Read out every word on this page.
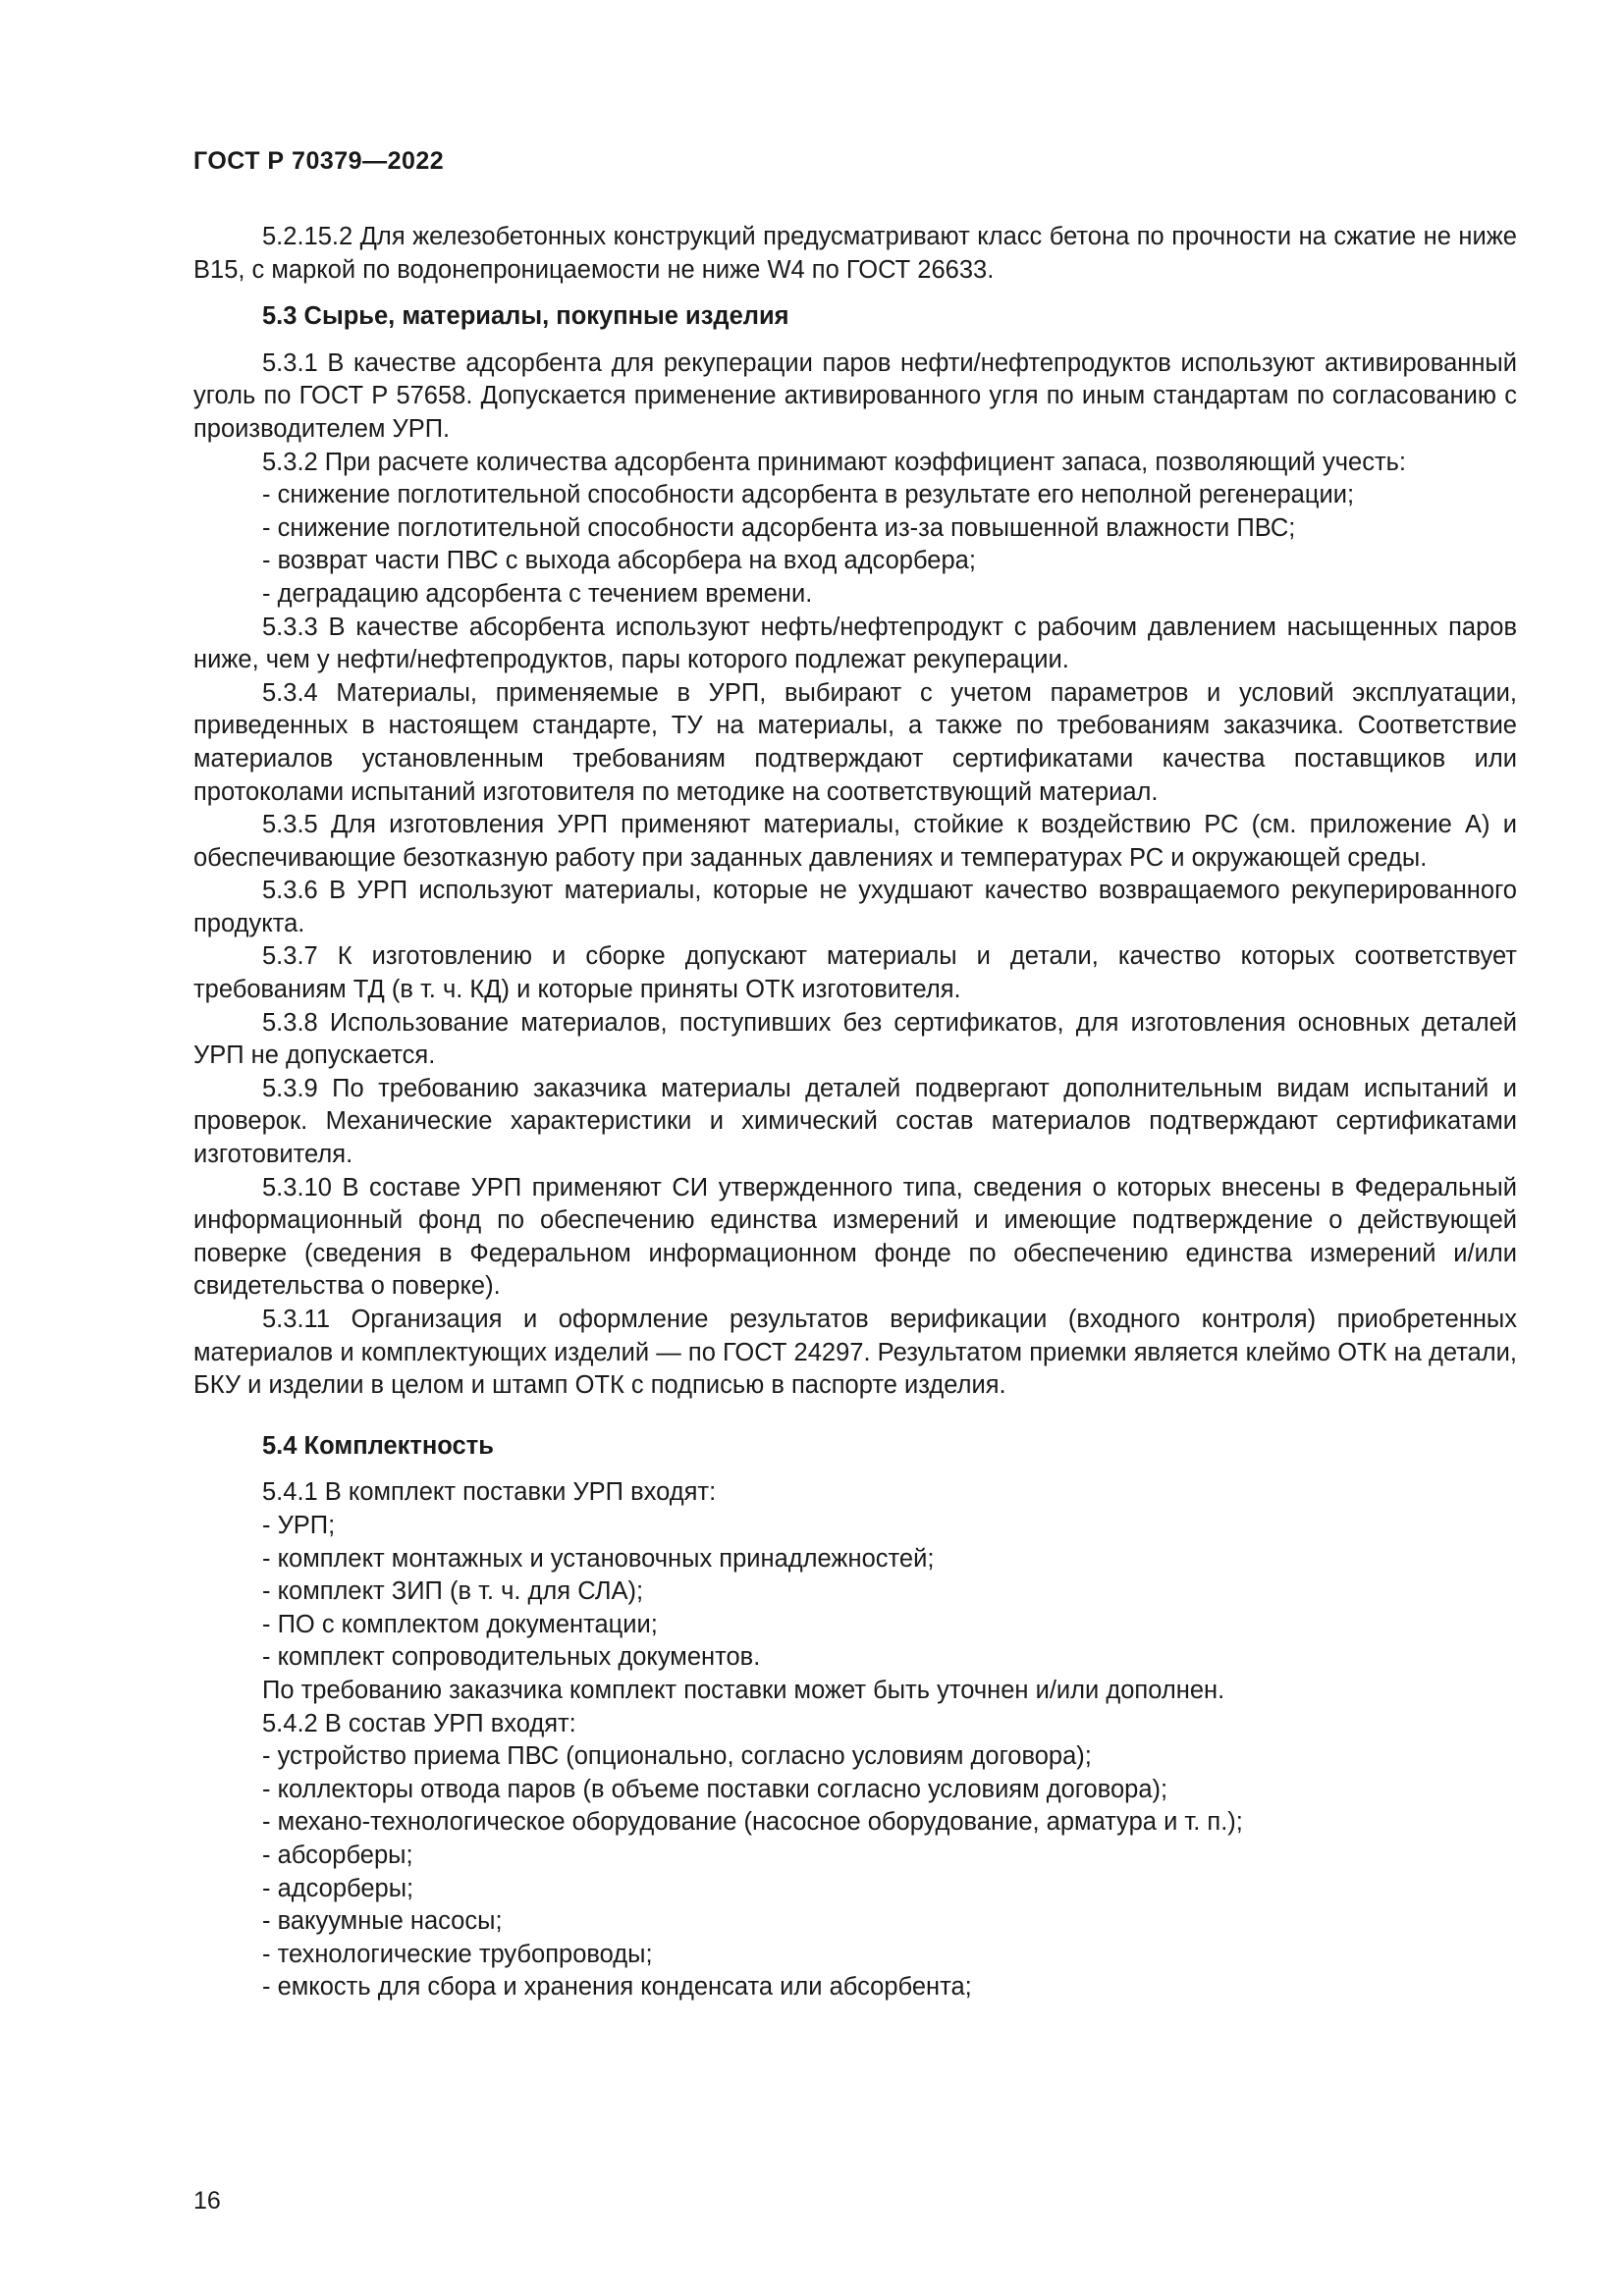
ГОСТ Р 70379—2022

5.2.15.2 Для железобетонных конструкций предусматривают класс бетона по прочности на сжатие не ниже В15, с маркой по водонепроницаемости не ниже W4 по ГОСТ 26633.

5.3 Сырье, материалы, покупные изделия

5.3.1 В качестве адсорбента для рекуперации паров нефти/нефтепродуктов используют активированный уголь по ГОСТ Р 57658. Допускается применение активированного угля по иным стандартам по согласованию с производителем УРП.

5.3.2 При расчете количества адсорбента принимают коэффициент запаса, позволяющий учесть:

- снижение поглотительной способности адсорбента в результате его неполной регенерации;
- снижение поглотительной способности адсорбента из-за повышенной влажности ПВС;
- возврат части ПВС с выхода абсорбера на вход адсорбера;
- деградацию адсорбента с течением времени.

5.3.3 В качестве абсорбента используют нефть/нефтепродукт с рабочим давлением насыщенных паров ниже, чем у нефти/нефтепродуктов, пары которого подлежат рекуперации.

5.3.4 Материалы, применяемые в УРП, выбирают с учетом параметров и условий эксплуатации, приведенных в настоящем стандарте, ТУ на материалы, а также по требованиям заказчика. Соответствие материалов установленным требованиям подтверждают сертификатами качества поставщиков или протоколами испытаний изготовителя по методике на соответствующий материал.

5.3.5 Для изготовления УРП применяют материалы, стойкие к воздействию РС (см. приложение А) и обеспечивающие безотказную работу при заданных давлениях и температурах РС и окружающей среды.

5.3.6 В УРП используют материалы, которые не ухудшают качество возвращаемого рекуперированного продукта.

5.3.7 К изготовлению и сборке допускают материалы и детали, качество которых соответствует требованиям ТД (в т. ч. КД) и которые приняты ОТК изготовителя.

5.3.8 Использование материалов, поступивших без сертификатов, для изготовления основных деталей УРП не допускается.

5.3.9 По требованию заказчика материалы деталей подвергают дополнительным видам испытаний и проверок. Механические характеристики и химический состав материалов подтверждают сертификатами изготовителя.

5.3.10 В составе УРП применяют СИ утвержденного типа, сведения о которых внесены в Федеральный информационный фонд по обеспечению единства измерений и имеющие подтверждение о действующей поверке (сведения в Федеральном информационном фонде по обеспечению единства измерений и/или свидетельства о поверке).

5.3.11 Организация и оформление результатов верификации (входного контроля) приобретенных материалов и комплектующих изделий — по ГОСТ 24297. Результатом приемки является клеймо ОТК на детали, БКУ и изделии в целом и штамп ОТК с подписью в паспорте изделия.

5.4 Комплектность

5.4.1 В комплект поставки УРП входят:

- УРП;
- комплект монтажных и установочных принадлежностей;
- комплект ЗИП (в т. ч. для СЛА);
- ПО с комплектом документации;
- комплект сопроводительных документов.

По требованию заказчика комплект поставки может быть уточнен и/или дополнен.

5.4.2 В состав УРП входят:

- устройство приема ПВС (опционально, согласно условиям договора);
- коллекторы отвода паров (в объеме поставки согласно условиям договора);
- механо-технологическое оборудование (насосное оборудование, арматура и т. п.);
- абсорберы;
- адсорберы;
- вакуумные насосы;
- технологические трубопроводы;
- емкость для сбора и хранения конденсата или абсорбента;
16
